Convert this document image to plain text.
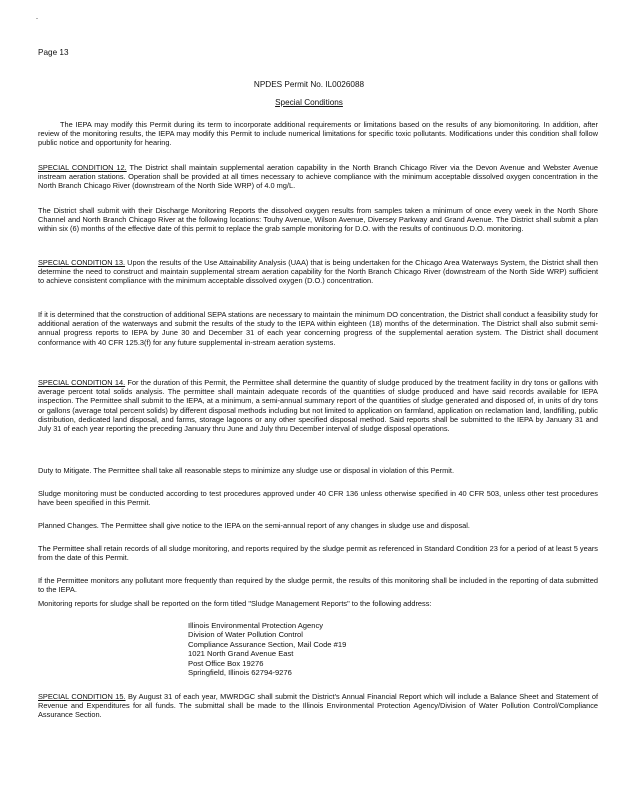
-
Page 13
NPDES Permit No. IL0026088
Special Conditions

The IEPA may modify this Permit during its term to incorporate additional requirements or limitations based on the results of any biomonitoring. In addition, after review of the monitoring results, the IEPA may modify this Permit to include numerical limitations for specific toxic pollutants. Modifications under this condition shall follow public notice and opportunity for hearing.

SPECIAL CONDITION 12. The District shall maintain supplemental aeration capability in the North Branch Chicago River via the Devon Avenue and Webster Avenue instream aeration stations. Operation shall be provided at all times necessary to achieve compliance with the minimum acceptable dissolved oxygen concentration in the North Branch Chicago River (downstream of the North Side WRP) of 4.0 mg/L.

The District shall submit with their Discharge Monitoring Reports the dissolved oxygen results from samples taken a minimum of once every week in the North Shore Channel and North Branch Chicago River at the following locations: Touhy Avenue, Wilson Avenue, Diversey Parkway and Grand Avenue. The District shall submit a plan within six (6) months of the effective date of this permit to replace the grab sample monitoring for D.O. with the results of continuous D.O. monitoring.

SPECIAL CONDITION 13. Upon the results of the Use Attainability Analysis (UAA) that is being undertaken for the Chicago Area Waterways System, the District shall then determine the need to construct and maintain supplemental stream aeration capability for the North Branch Chicago River (downstream of the North Side WRP) sufficient to achieve consistent compliance with the minimum acceptable dissolved oxygen (D.O.) concentration.

If it is determined that the construction of additional SEPA stations are necessary to maintain the minimum DO concentration, the District shall conduct a feasibility study for additional aeration of the waterways and submit the results of the study to the IEPA within eighteen (18) months of the determination. The District shall also submit semi-annual progress reports to IEPA by June 30 and December 31 of each year concerning progress of the supplemental aeration system. The District shall document conformance with 40 CFR 125.3(f) for any future supplemental in-stream aeration systems.

SPECIAL CONDITION 14. For the duration of this Permit, the Permittee shall determine the quantity of sludge produced by the treatment facility in dry tons or gallons with average percent total solids analysis. The permittee shall maintain adequate records of the quantities of sludge produced and have said records available for IEPA inspection. The Permittee shall submit to the IEPA, at a minimum, a semi-annual summary report of the quantities of sludge generated and disposed of, in units of dry tons or gallons (average total percent solids) by different disposal methods including but not limited to application on farmland, application on reclamation land, landfilling, public distribution, dedicated land disposal, and farms, storage lagoons or any other specified disposal method. Said reports shall be submitted to the IEPA by January 31 and July 31 of each year reporting the preceding January thru June and July thru December interval of sludge disposal operations.

Duty to Mitigate. The Permittee shall take all reasonable steps to minimize any sludge use or disposal in violation of this Permit.

Sludge monitoring must be conducted according to test procedures approved under 40 CFR 136 unless otherwise specified in 40 CFR 503, unless other test procedures have been specified in this Permit.

Planned Changes. The Permittee shall give notice to the IEPA on the semi-annual report of any changes in sludge use and disposal.

The Permittee shall retain records of all sludge monitoring, and reports required by the sludge permit as referenced in Standard Condition 23 for a period of at least 5 years from the date of this Permit.

If the Permittee monitors any pollutant more frequently than required by the sludge permit, the results of this monitoring shall be included in the reporting of data submitted to the IEPA.

Monitoring reports for sludge shall be reported on the form titled "Sludge Management Reports" to the following address:

Illinois Environmental Protection Agency
Division of Water Pollution Control
Compliance Assurance Section, Mail Code #19
1021 North Grand Avenue East
Post Office Box 19276
Springfield, Illinois 62794-9276

SPECIAL CONDITION 15. By August 31 of each year, MWRDGC shall submit the District's Annual Financial Report which will include a Balance Sheet and Statement of Revenue and Expenditures for all funds. The submittal shall be made to the Illinois Environmental Protection Agency/Division of Water Pollution Control/Compliance Assurance Section.
